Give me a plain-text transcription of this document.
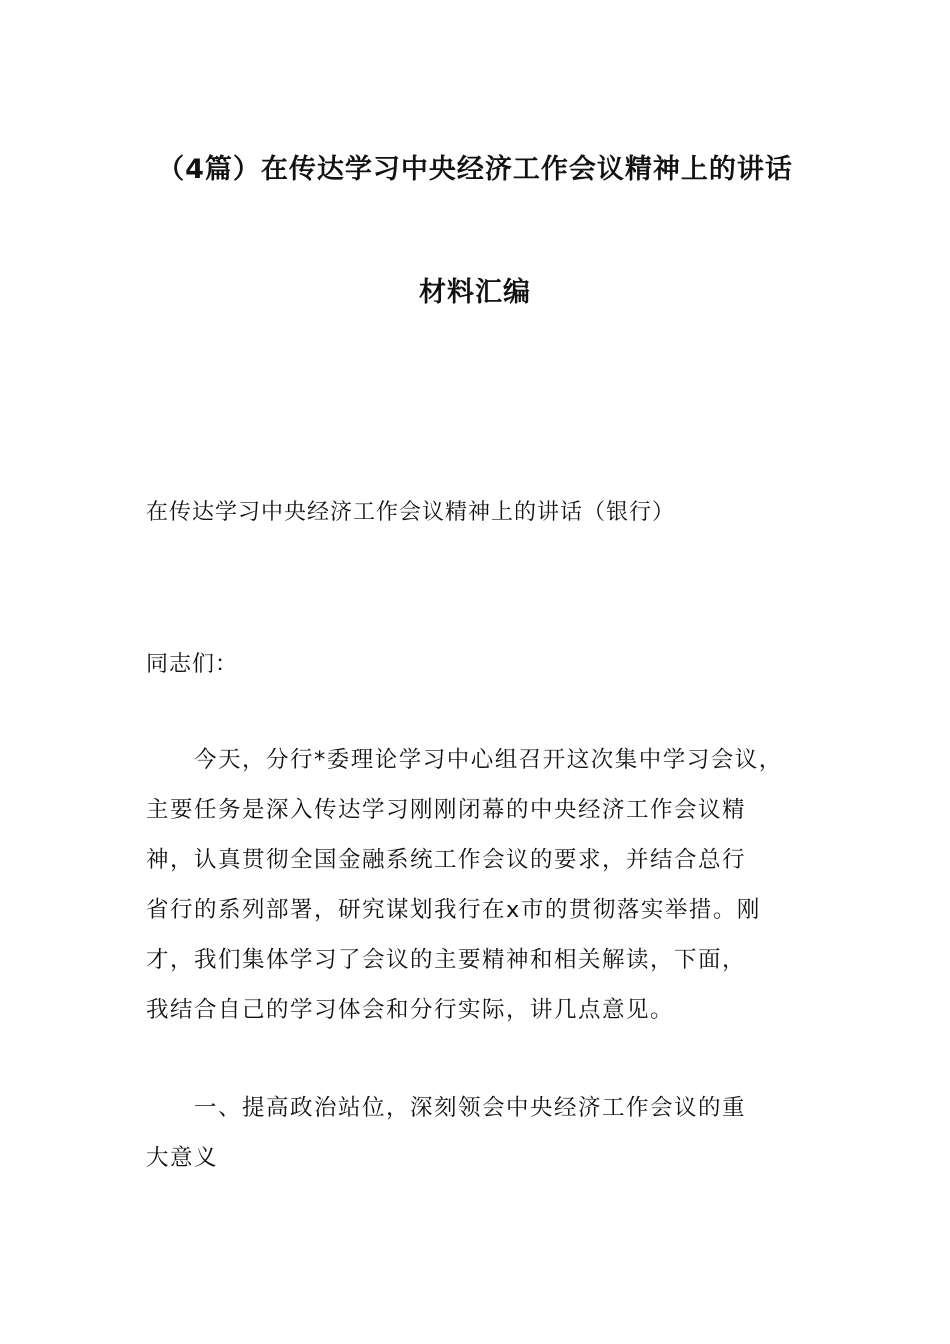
（4篇）在传达学习中央经济工作会议精神上的讲话
材料汇编
在传达学习中央经济工作会议精神上的讲话（银行）
同志们：
今天，分行*委理论学习中心组召开这次集中学习会议，
主要任务是深入传达学习刚刚闭幕的中央经济工作会议精
神，认真贯彻全国金融系统工作会议的要求，并结合总行
省行的系列部署，研究谋划我行在x市的贯彻落实举措。刚
才，我们集体学习了会议的主要精神和相关解读，下面，
我结合自己的学习体会和分行实际，讲几点意见。
一、提高政治站位，深刻领会中央经济工作会议的重
大意义
